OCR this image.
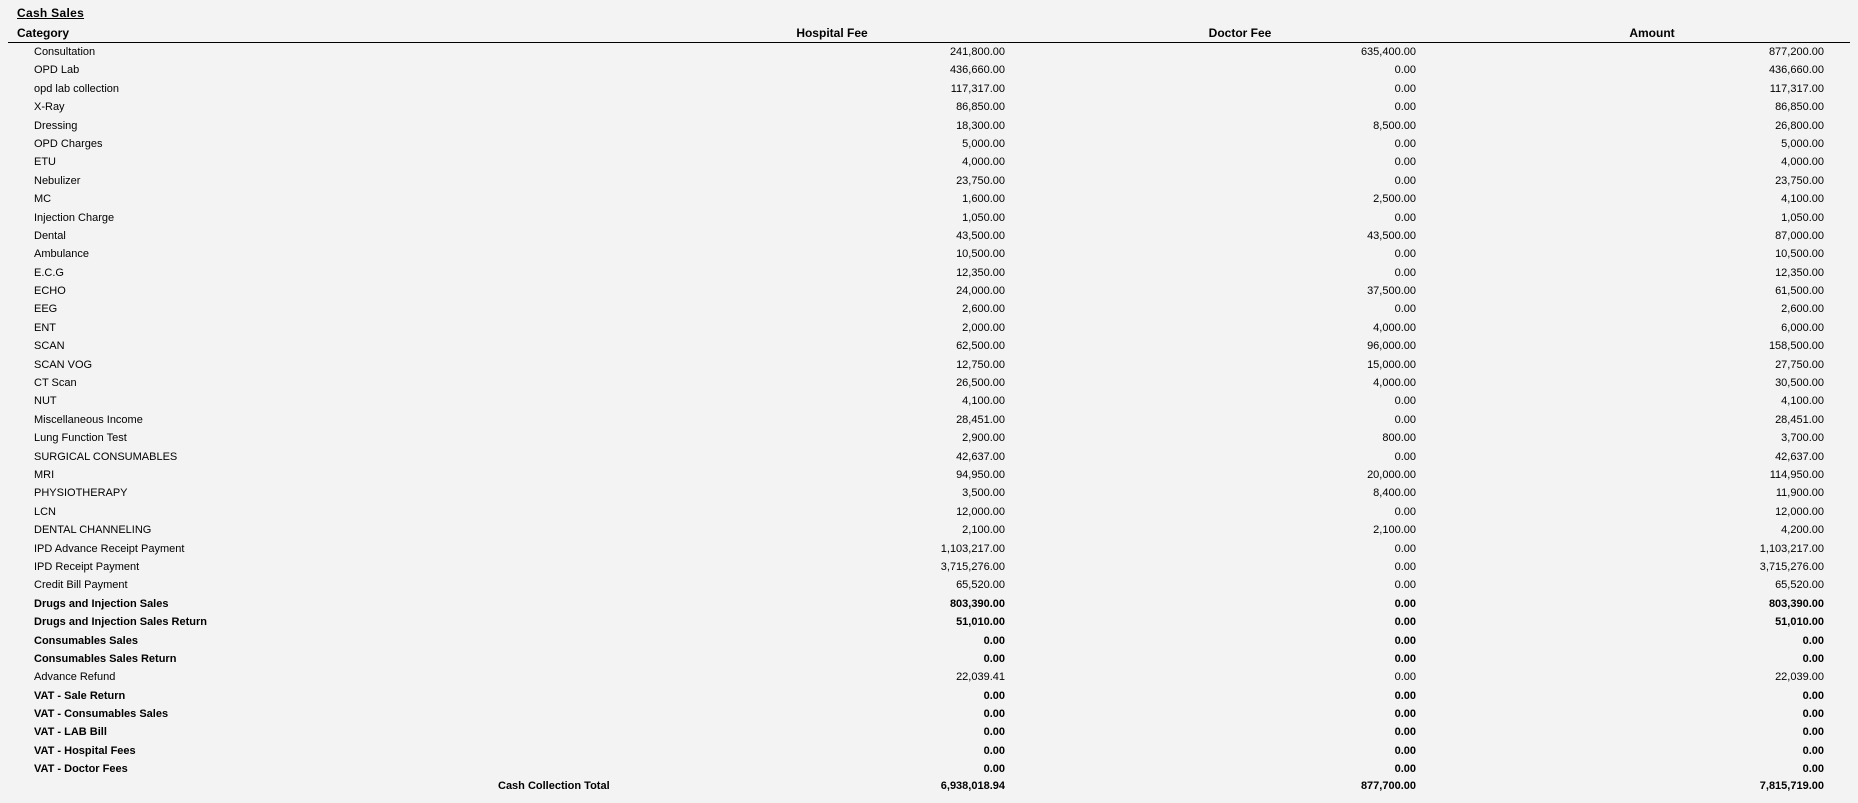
Cash Sales
Category	Hospital Fee	Doctor Fee	Amount
Consultation	241,800.00	635,400.00	877,200.00
OPD Lab	436,660.00	0.00	436,660.00
opd lab collection	117,317.00	0.00	117,317.00
X-Ray	86,850.00	0.00	86,850.00
Dressing	18,300.00	8,500.00	26,800.00
OPD Charges	5,000.00	0.00	5,000.00
ETU	4,000.00	0.00	4,000.00
Nebulizer	23,750.00	0.00	23,750.00
MC	1,600.00	2,500.00	4,100.00
Injection Charge	1,050.00	0.00	1,050.00
Dental	43,500.00	43,500.00	87,000.00
Ambulance	10,500.00	0.00	10,500.00
E.C.G	12,350.00	0.00	12,350.00
ECHO	24,000.00	37,500.00	61,500.00
EEG	2,600.00	0.00	2,600.00
ENT	2,000.00	4,000.00	6,000.00
SCAN	62,500.00	96,000.00	158,500.00
SCAN VOG	12,750.00	15,000.00	27,750.00
CT Scan	26,500.00	4,000.00	30,500.00
NUT	4,100.00	0.00	4,100.00
Miscellaneous Income	28,451.00	0.00	28,451.00
Lung Function Test	2,900.00	800.00	3,700.00
SURGICAL CONSUMABLES	42,637.00	0.00	42,637.00
MRI	94,950.00	20,000.00	114,950.00
PHYSIOTHERAPY	3,500.00	8,400.00	11,900.00
LCN	12,000.00	0.00	12,000.00
DENTAL CHANNELING	2,100.00	2,100.00	4,200.00
IPD Advance Receipt Payment	1,103,217.00	0.00	1,103,217.00
IPD Receipt Payment	3,715,276.00	0.00	3,715,276.00
Credit Bill Payment	65,520.00	0.00	65,520.00
Drugs and Injection Sales	803,390.00	0.00	803,390.00
Drugs and Injection Sales Return	51,010.00	0.00	51,010.00
Consumables Sales	0.00	0.00	0.00
Consumables Sales Return	0.00	0.00	0.00
Advance Refund	22,039.41	0.00	22,039.00
VAT - Sale Return	0.00	0.00	0.00
VAT - Consumables Sales	0.00	0.00	0.00
VAT - LAB Bill	0.00	0.00	0.00
VAT - Hospital Fees	0.00	0.00	0.00
VAT - Doctor Fees	0.00	0.00	0.00
Cash Collection Total	6,938,018.94	877,700.00	7,815,719.00
